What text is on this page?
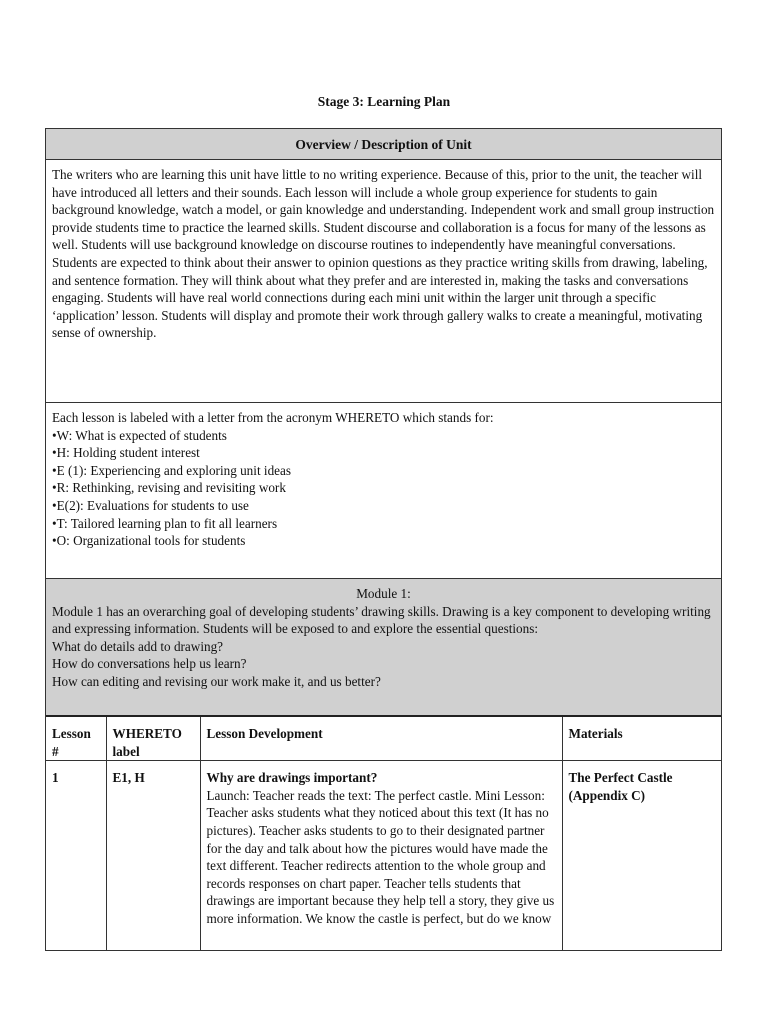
Stage 3: Learning Plan
Overview / Description of Unit
The writers who are learning this unit have little to no writing experience. Because of this, prior to the unit, the teacher will have introduced all letters and their sounds. Each lesson will include a whole group experience for students to gain background knowledge, watch a model, or gain knowledge and understanding. Independent work and small group instruction provide students time to practice the learned skills. Student discourse and collaboration is a focus for many of the lessons as well. Students will use background knowledge on discourse routines to independently have meaningful conversations. Students are expected to think about their answer to opinion questions as they practice writing skills from drawing, labeling, and sentence formation. They will think about what they prefer and are interested in, making the tasks and conversations engaging. Students will have real world connections during each mini unit within the larger unit through a specific ‘application’ lesson. Students will display and promote their work through gallery walks to create a meaningful, motivating sense of ownership.
Each lesson is labeled with a letter from the acronym WHERETO which stands for:
• W: What is expected of students
• H: Holding student interest
• E (1): Experiencing and exploring unit ideas
• R: Rethinking, revising and revisiting work
• E(2): Evaluations for students to use
• T: Tailored learning plan to fit all learners
• O: Organizational tools for students
Module 1:
Module 1 has an overarching goal of developing students’ drawing skills. Drawing is a key component to developing writing and expressing information. Students will be exposed to and explore the essential questions:
What do details add to drawing?
How do conversations help us learn?
How can editing and revising our work make it, and us better?
Lesson #	WHERETO label	Lesson Development	Materials
1	E1, H	Why are drawings important?
Launch: Teacher reads the text: The perfect castle. Mini Lesson: Teacher asks students what they noticed about this text (It has no pictures). Teacher asks students to go to their designated partner for the day and talk about how the pictures would have made the text different. Teacher redirects attention to the whole group and records responses on chart paper. Teacher tells students that drawings are important because they help tell a story, they give us more information. We know the castle is perfect, but do we know	The Perfect Castle (Appendix C)
